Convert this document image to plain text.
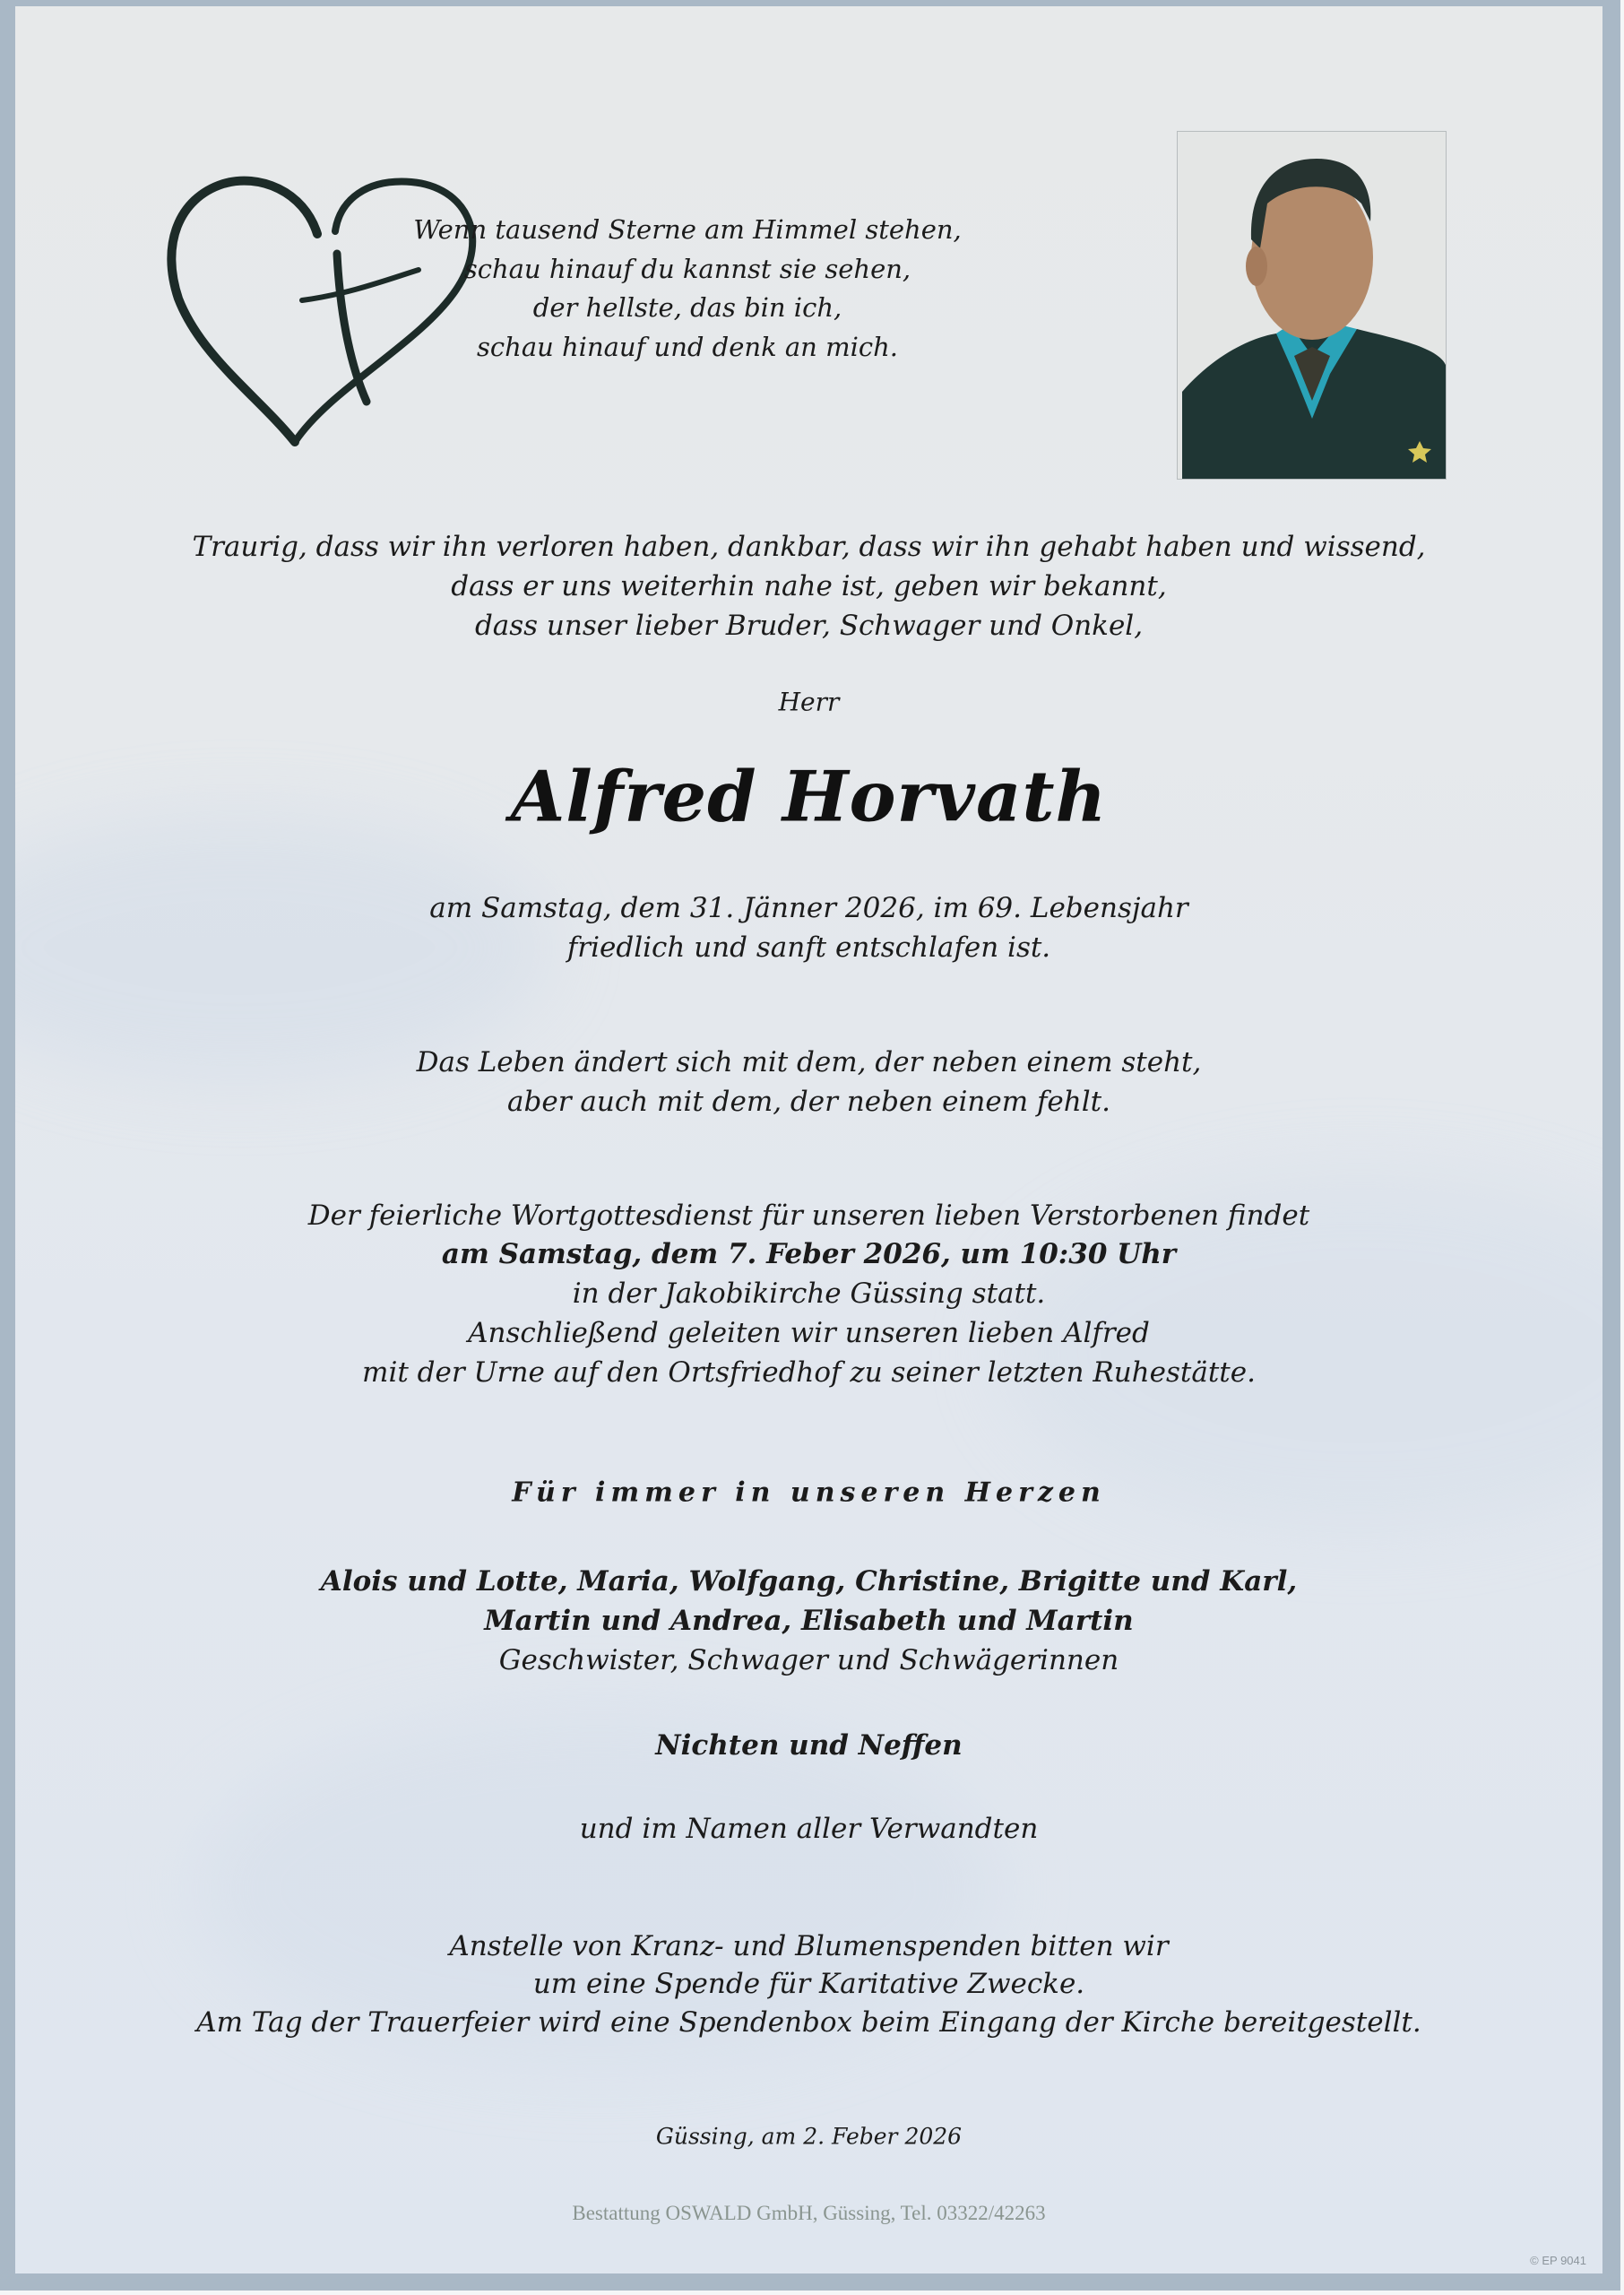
Wenn tausend Sterne am Himmel stehen,
schau hinauf du kannst sie sehen,
der hellste, das bin ich,
schau hinauf und denk an mich.
Traurig, dass wir ihn verloren haben, dankbar, dass wir ihn gehabt haben und wissend,
dass er uns weiterhin nahe ist, geben wir bekannt,
dass unser lieber Bruder, Schwager und Onkel,
Herr
Alfred Horvath
am Samstag, dem 31. Jänner 2026, im 69. Lebensjahr
friedlich und sanft entschlafen ist.
Das Leben ändert sich mit dem, der neben einem steht,
aber auch mit dem, der neben einem fehlt.
Der feierliche Wortgottesdienst für unseren lieben Verstorbenen findet
am Samstag, dem 7. Feber 2026, um 10:30 Uhr
in der Jakobikirche Güssing statt.
Anschließend geleiten wir unseren lieben Alfred
mit der Urne auf den Ortsfriedhof zu seiner letzten Ruhestätte.
Für immer in unseren Herzen
Alois und Lotte, Maria, Wolfgang, Christine, Brigitte und Karl,
Martin und Andrea, Elisabeth und Martin
Geschwister, Schwager und Schwägerinnen
Nichten und Neffen
und im Namen aller Verwandten
Anstelle von Kranz- und Blumenspenden bitten wir
um eine Spende für Karitative Zwecke.
Am Tag der Trauerfeier wird eine Spendenbox beim Eingang der Kirche bereitgestellt.
Güssing, am 2. Feber 2026
Bestattung OSWALD GmbH, Güssing, Tel. 03322/42263
© EP 9041
